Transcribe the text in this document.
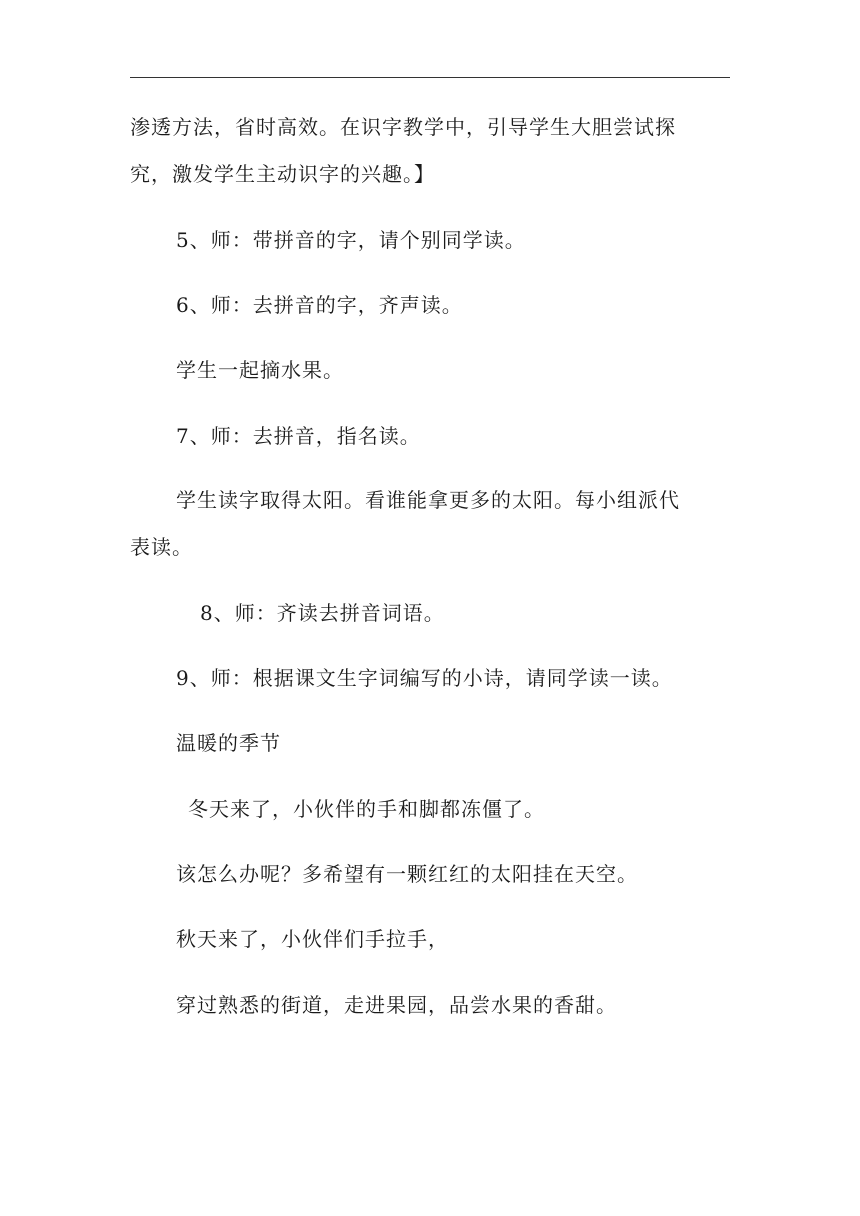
渗透方法，省时高效。在识字教学中，引导学生大胆尝试探
究，激发学生主动识字的兴趣。】
5、师：带拼音的字，请个别同学读。
6、师：去拼音的字，齐声读。
学生一起摘水果。
7、师：去拼音，指名读。
学生读字取得太阳。看谁能拿更多的太阳。每小组派代
表读。
8、师：齐读去拼音词语。
9、师：根据课文生字词编写的小诗，请同学读一读。
温暖的季节
冬天来了，小伙伴的手和脚都冻僵了。
该怎么办呢？多希望有一颗红红的太阳挂在天空。
秋天来了，小伙伴们手拉手，
穿过熟悉的街道，走进果园，品尝水果的香甜。
